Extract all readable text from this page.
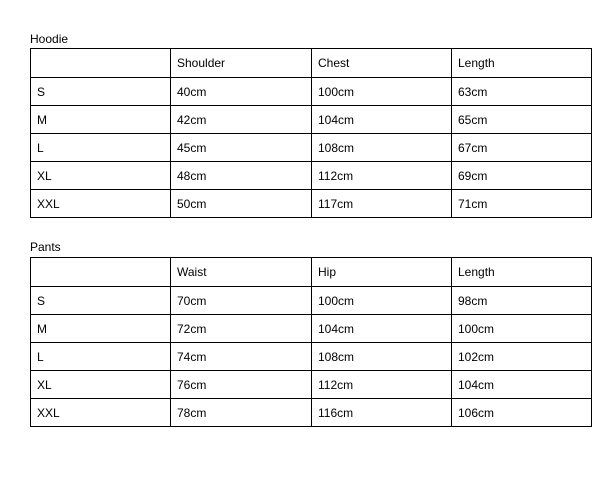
Hoodie
	Shoulder	Chest	Length
S	40cm	100cm	63cm
M	42cm	104cm	65cm
L	45cm	108cm	67cm
XL	48cm	112cm	69cm
XXL	50cm	117cm	71cm
Pants
	Waist	Hip	Length
S	70cm	100cm	98cm
M	72cm	104cm	100cm
L	74cm	108cm	102cm
XL	76cm	112cm	104cm
XXL	78cm	116cm	106cm
